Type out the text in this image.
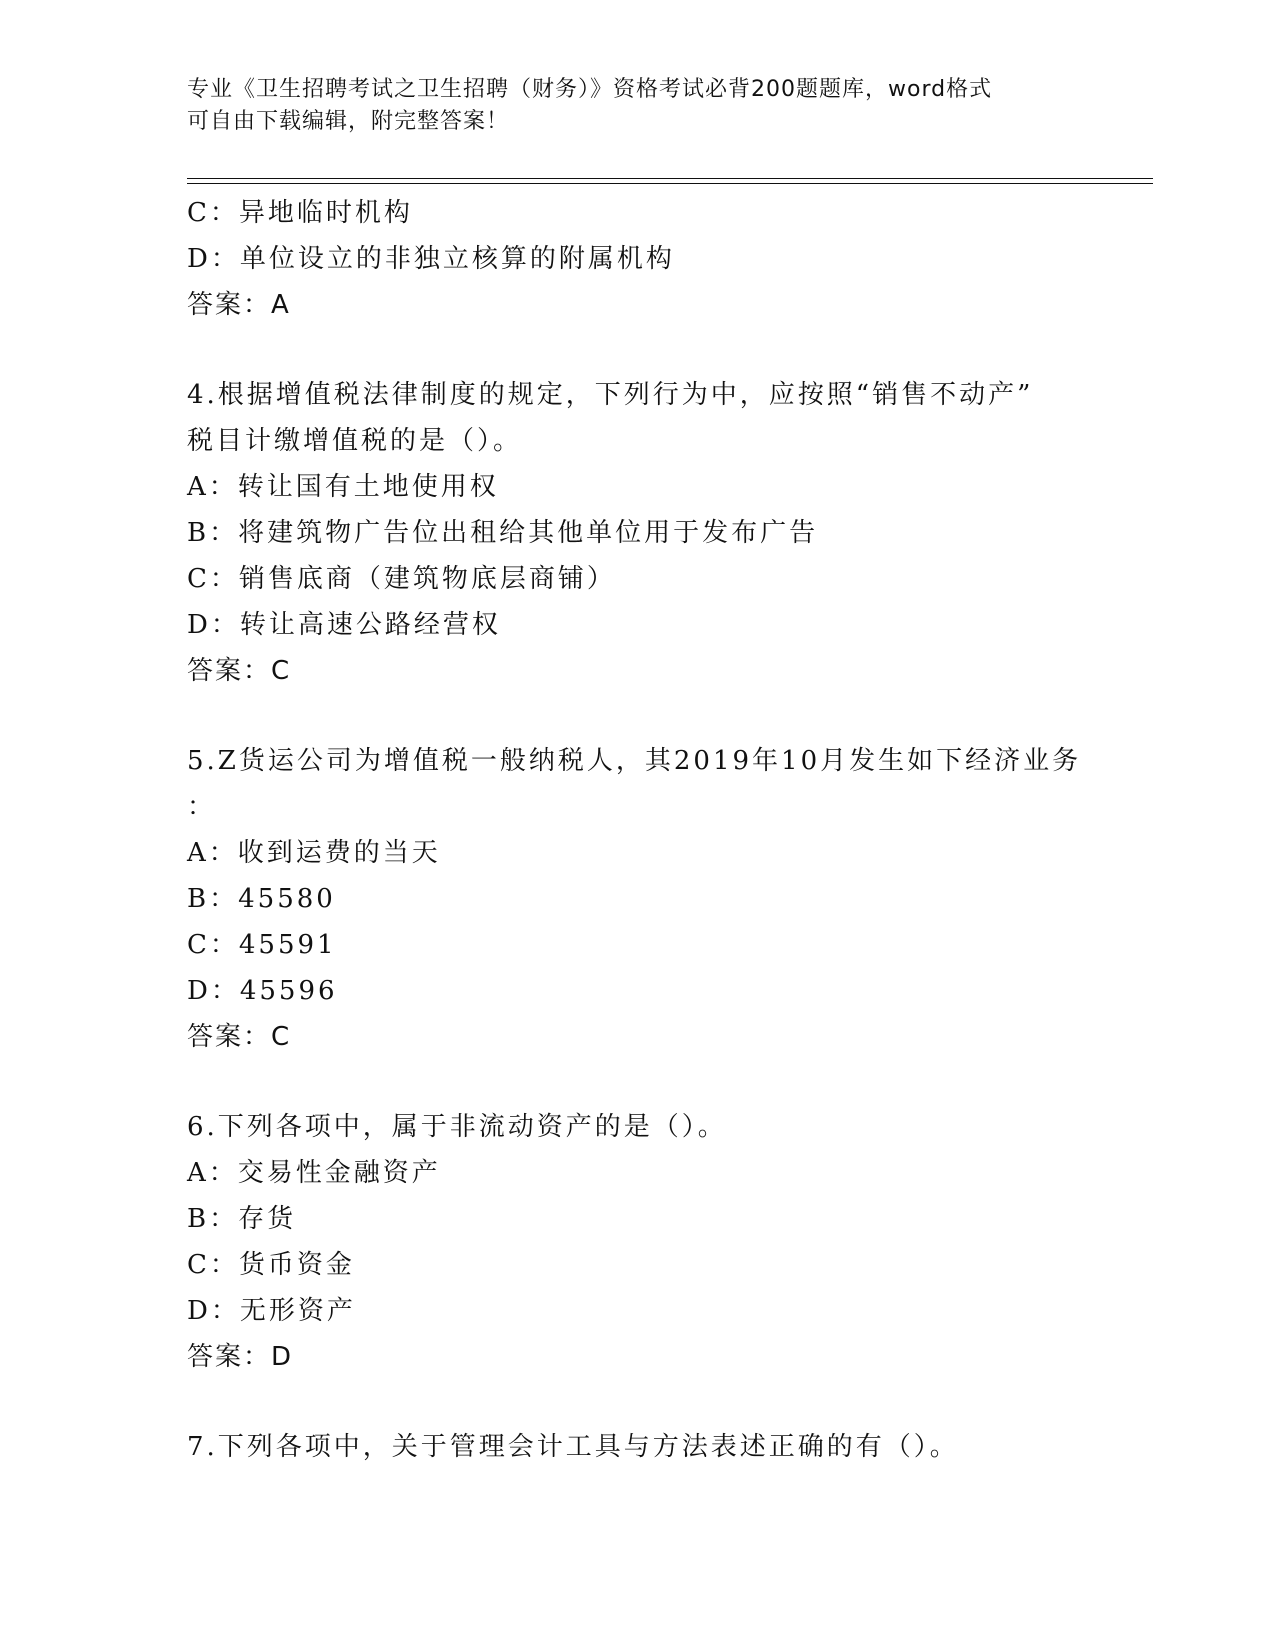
专业《卫生招聘考试之卫生招聘（财务）》资格考试必背200题题库，word格式
可自由下载编辑，附完整答案！
C：异地临时机构
D：单位设立的非独立核算的附属机构
答案：A
4.根据增值税法律制度的规定，下列行为中，应按照“销售不动产”
税目计缴增值税的是（）。
A：转让国有土地使用权
B：将建筑物广告位出租给其他单位用于发布广告
C：销售底商（建筑物底层商铺）
D：转让高速公路经营权
答案：C
5.Z货运公司为增值税一般纳税人，其2019年10月发生如下经济业务
：
A：收到运费的当天
B：45580
C：45591
D：45596
答案：C
6.下列各项中，属于非流动资产的是（）。
A：交易性金融资产
B：存货
C：货币资金
D：无形资产
答案：D
7.下列各项中，关于管理会计工具与方法表述正确的有（）。
